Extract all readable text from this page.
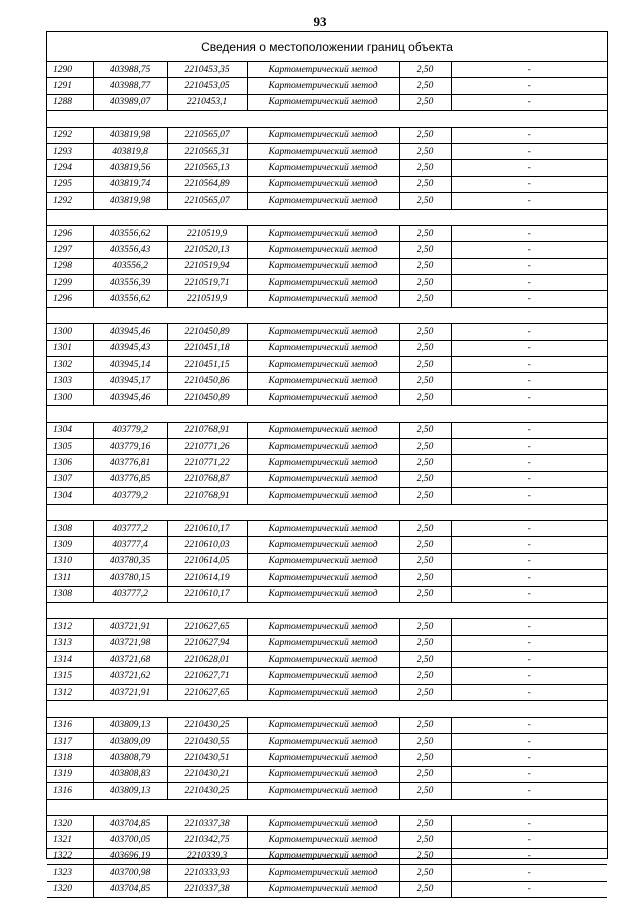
93
Сведения о местоположении границ объекта
1290	403988,75	2210453,35	Картометрический метод	2,50	-
1291	403988,77	2210453,05	Картометрический метод	2,50	-
1288	403989,07	2210453,1	Картометрический метод	2,50	-

1292	403819,98	2210565,07	Картометрический метод	2,50	-
1293	403819,8	2210565,31	Картометрический метод	2,50	-
1294	403819,56	2210565,13	Картометрический метод	2,50	-
1295	403819,74	2210564,89	Картометрический метод	2,50	-
1292	403819,98	2210565,07	Картометрический метод	2,50	-

1296	403556,62	2210519,9	Картометрический метод	2,50	-
1297	403556,43	2210520,13	Картометрический метод	2,50	-
1298	403556,2	2210519,94	Картометрический метод	2,50	-
1299	403556,39	2210519,71	Картометрический метод	2,50	-
1296	403556,62	2210519,9	Картометрический метод	2,50	-

1300	403945,46	2210450,89	Картометрический метод	2,50	-
1301	403945,43	2210451,18	Картометрический метод	2,50	-
1302	403945,14	2210451,15	Картометрический метод	2,50	-
1303	403945,17	2210450,86	Картометрический метод	2,50	-
1300	403945,46	2210450,89	Картометрический метод	2,50	-

1304	403779,2	2210768,91	Картометрический метод	2,50	-
1305	403779,16	2210771,26	Картометрический метод	2,50	-
1306	403776,81	2210771,22	Картометрический метод	2,50	-
1307	403776,85	2210768,87	Картометрический метод	2,50	-
1304	403779,2	2210768,91	Картометрический метод	2,50	-

1308	403777,2	2210610,17	Картометрический метод	2,50	-
1309	403777,4	2210610,03	Картометрический метод	2,50	-
1310	403780,35	2210614,05	Картометрический метод	2,50	-
1311	403780,15	2210614,19	Картометрический метод	2,50	-
1308	403777,2	2210610,17	Картометрический метод	2,50	-

1312	403721,91	2210627,65	Картометрический метод	2,50	-
1313	403721,98	2210627,94	Картометрический метод	2,50	-
1314	403721,68	2210628,01	Картометрический метод	2,50	-
1315	403721,62	2210627,71	Картометрический метод	2,50	-
1312	403721,91	2210627,65	Картометрический метод	2,50	-

1316	403809,13	2210430,25	Картометрический метод	2,50	-
1317	403809,09	2210430,55	Картометрический метод	2,50	-
1318	403808,79	2210430,51	Картометрический метод	2,50	-
1319	403808,83	2210430,21	Картометрический метод	2,50	-
1316	403809,13	2210430,25	Картометрический метод	2,50	-

1320	403704,85	2210337,38	Картометрический метод	2,50	-
1321	403700,05	2210342,75	Картометрический метод	2,50	-
1322	403696,19	2210339,3	Картометрический метод	2,50	-
1323	403700,98	2210333,93	Картометрический метод	2,50	-
1320	403704,85	2210337,38	Картометрический метод	2,50	-
